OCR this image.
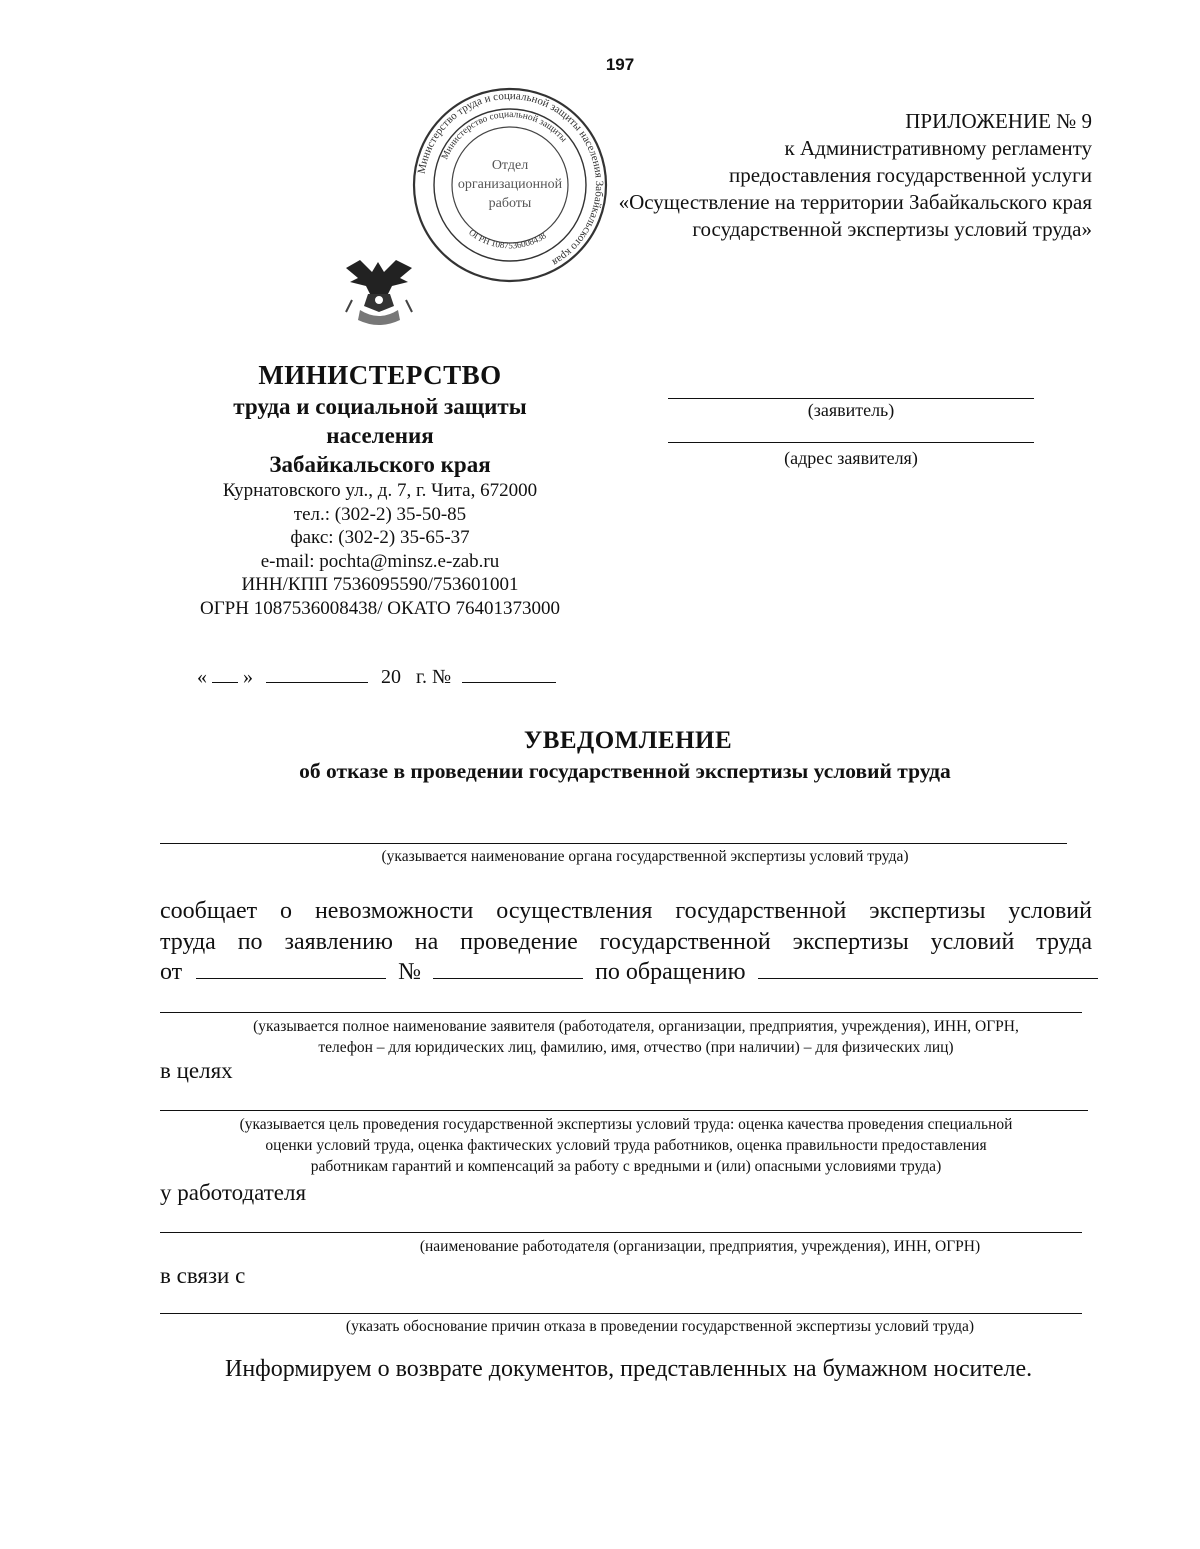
197
ПРИЛОЖЕНИЕ № 9
к Административному регламенту
предоставления государственной услуги
«Осуществление на территории Забайкальского края
государственной экспертизы условий труда»
Министерство труда и социальной защиты населения Забайкальского края
Министерство социальной защиты
ОГРН 1087536008438
Отдел
организационной
работы
МИНИСТЕРСТВО
труда и социальной защиты
населения
Забайкальского края
Курнатовского ул., д. 7, г. Чита, 672000
тел.: (302-2) 35-50-85
факс: (302-2) 35-65-37
e-mail: pochta@minsz.e-zab.ru
ИНН/КПП 7536095590/753601001
ОГРН 1087536008438/ ОКАТО 76401373000
(заявитель)
(адрес заявителя)
« »	20 г. №
УВЕДОМЛЕНИЕ
об отказе в проведении государственной экспертизы условий труда
(указывается наименование органа государственной экспертизы условий труда)
сообщает о невозможности осуществления государственной экспертизы условий
труда по заявлению на проведение государственной экспертизы условий труда
от	№	по обращению
(указывается полное наименование заявителя (работодателя, организации, предприятия, учреждения), ИНН, ОГРН,
телефон – для юридических лиц, фамилию, имя, отчество (при наличии) – для физических лиц)
в целях
(указывается цель проведения государственной экспертизы условий труда: оценка качества проведения специальной
оценки условий труда, оценка фактических условий труда работников, оценка правильности предоставления
работникам гарантий и компенсаций за работу с вредными и (или) опасными условиями труда)
у работодателя
(наименование работодателя (организации, предприятия, учреждения), ИНН, ОГРН)
в связи с
(указать обоснование причин отказа в проведении государственной экспертизы условий труда)
Информируем о возврате документов, представленных на бумажном носителе.
